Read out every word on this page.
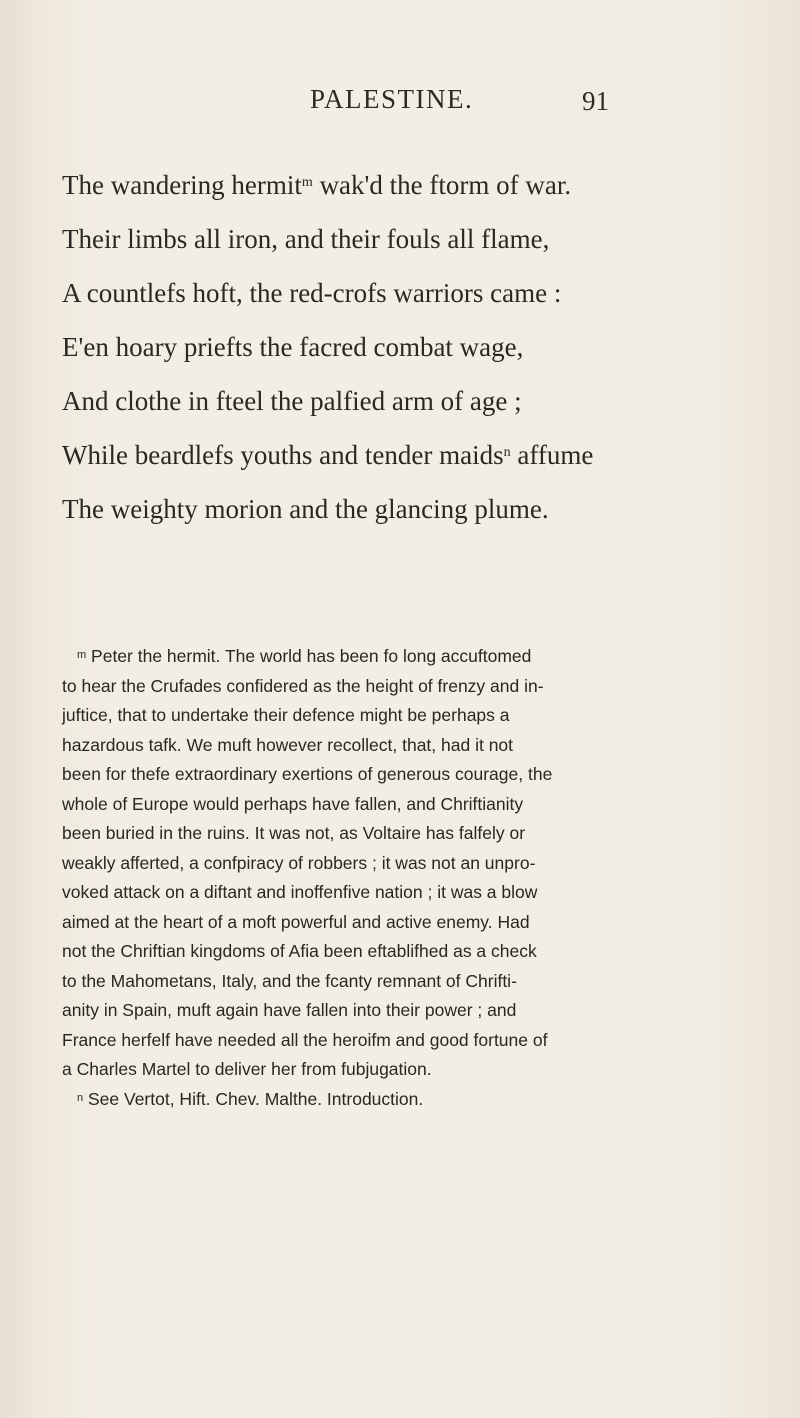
PALESTINE.	91
The wandering hermit$^m$ wak'd the ftorm of war.
Their limbs all iron, and their fouls all flame,
A countlefs hoft, the red-crofs warriors came :
E'en hoary priefts the facred combat wage,
And clothe in fteel the palfied arm of age ;
While beardlefs youths and tender maids$^n$ affume
The weighty morion and the glancing plume.
$^m$ Peter the hermit. The world has been fo long accuftomed
to hear the Crufades confidered as the height of frenzy and in-
juftice, that to undertake their defence might be perhaps a
hazardous tafk. We muft however recollect, that, had it not
been for thefe extraordinary exertions of generous courage, the
whole of Europe would perhaps have fallen, and Chriftianity
been buried in the ruins. It was not, as Voltaire has falfely or
weakly afferted, a confpiracy of robbers ; it was not an unpro-
voked attack on a diftant and inoffenfive nation ; it was a blow
aimed at the heart of a moft powerful and active enemy. Had
not the Chriftian kingdoms of Afia been eftablifhed as a check
to the Mahometans, Italy, and the fcanty remnant of Chrifti-
anity in Spain, muft again have fallen into their power ; and
France herfelf have needed all the heroifm and good fortune of
a Charles Martel to deliver her from fubjugation.
$^n$ See Vertot, Hift. Chev. Malthe. Introduction.
